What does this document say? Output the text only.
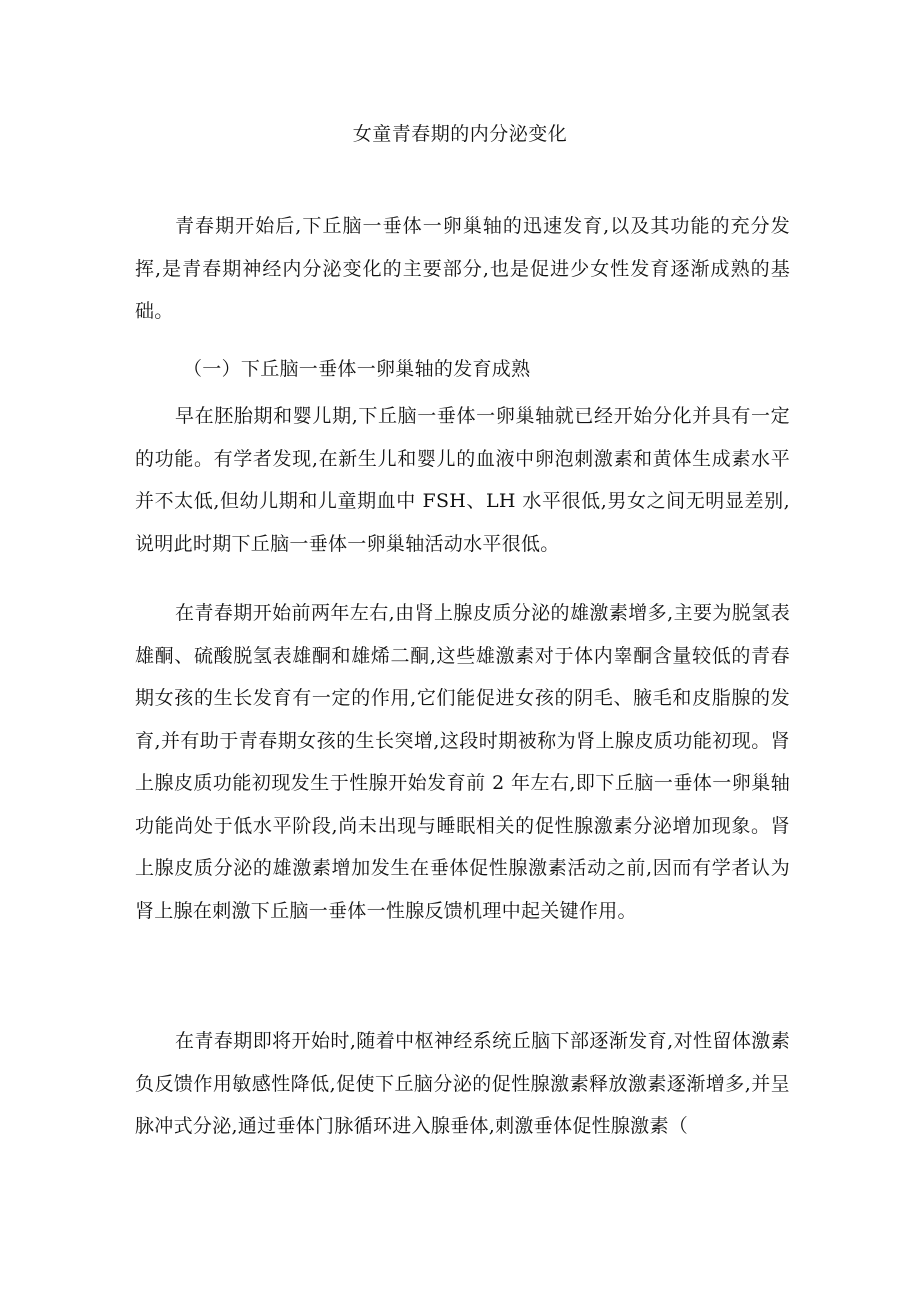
女童青春期的内分泌变化

青春期开始后,下丘脑一垂体一卵巢轴的迅速发育,以及其功能的充分发挥,是青春期神经内分泌变化的主要部分,也是促进少女性发育逐渐成熟的基础。

（一）下丘脑一垂体一卵巢轴的发育成熟

早在胚胎期和婴儿期,下丘脑一垂体一卵巢轴就已经开始分化并具有一定的功能。有学者发现,在新生儿和婴儿的血液中卵泡刺激素和黄体生成素水平并不太低,但幼儿期和儿童期血中 FSH、LH 水平很低,男女之间无明显差别,说明此时期下丘脑一垂体一卵巢轴活动水平很低。

在青春期开始前两年左右,由肾上腺皮质分泌的雄激素增多,主要为脱氢表雄酮、硫酸脱氢表雄酮和雄烯二酮,这些雄激素对于体内睾酮含量较低的青春期女孩的生长发育有一定的作用,它们能促进女孩的阴毛、腋毛和皮脂腺的发育,并有助于青春期女孩的生长突增,这段时期被称为肾上腺皮质功能初现。肾上腺皮质功能初现发生于性腺开始发育前 2 年左右,即下丘脑一垂体一卵巢轴功能尚处于低水平阶段,尚未出现与睡眠相关的促性腺激素分泌增加现象。肾上腺皮质分泌的雄激素增加发生在垂体促性腺激素活动之前,因而有学者认为肾上腺在刺激下丘脑一垂体一性腺反馈机理中起关键作用。

在青春期即将开始时,随着中枢神经系统丘脑下部逐渐发育,对性留体激素负反馈作用敏感性降低,促使下丘脑分泌的促性腺激素释放激素逐渐增多,并呈脉冲式分泌,通过垂体门脉循环进入腺垂体,刺激垂体促性腺激素（
